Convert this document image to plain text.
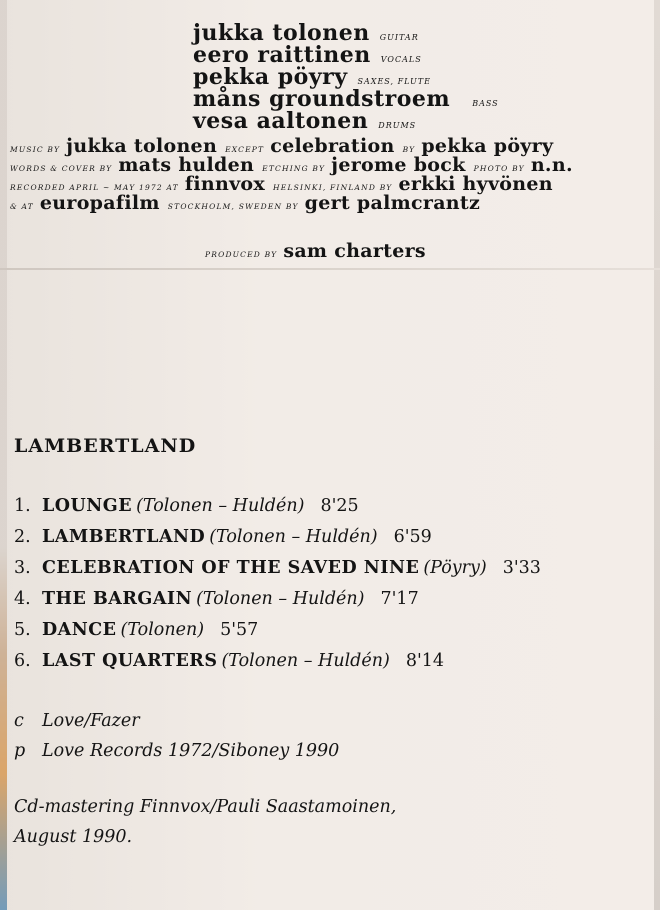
jukka tolonen GUITAR
eero raittinen VOCALS
pekka pöyry SAXES, FLUTE
måns groundstroem	BASS
vesa aaltonen DRUMS
MUSIC BY jukka tolonen EXCEPT celebration BY pekka pöyry
WORDS & COVER BY mats hulden ETCHING BY jerome bock PHOTO BY n.n.
RECORDED APRIL ~ MAY 1972 AT finnvox HELSINKI, FINLAND BY erkki hyvönen
& AT europafilm STOCKHOLM, SWEDEN BY gert palmcrantz
PRODUCED BY sam charters
LAMBERTLAND
1. LOUNGE (Tolonen – Huldén) 8'25
2. LAMBERTLAND (Tolonen – Huldén) 6'59
3. CELEBRATION OF THE SAVED NINE (Pöyry) 3'33
4. THE BARGAIN (Tolonen – Huldén) 7'17
5. DANCE (Tolonen) 5'57
6. LAST QUARTERS (Tolonen – Huldén) 8'14
c	Love/Fazer
p Love Records 1972/Siboney 1990
Cd-mastering Finnvox/Pauli Saastamoinen,
August 1990.
